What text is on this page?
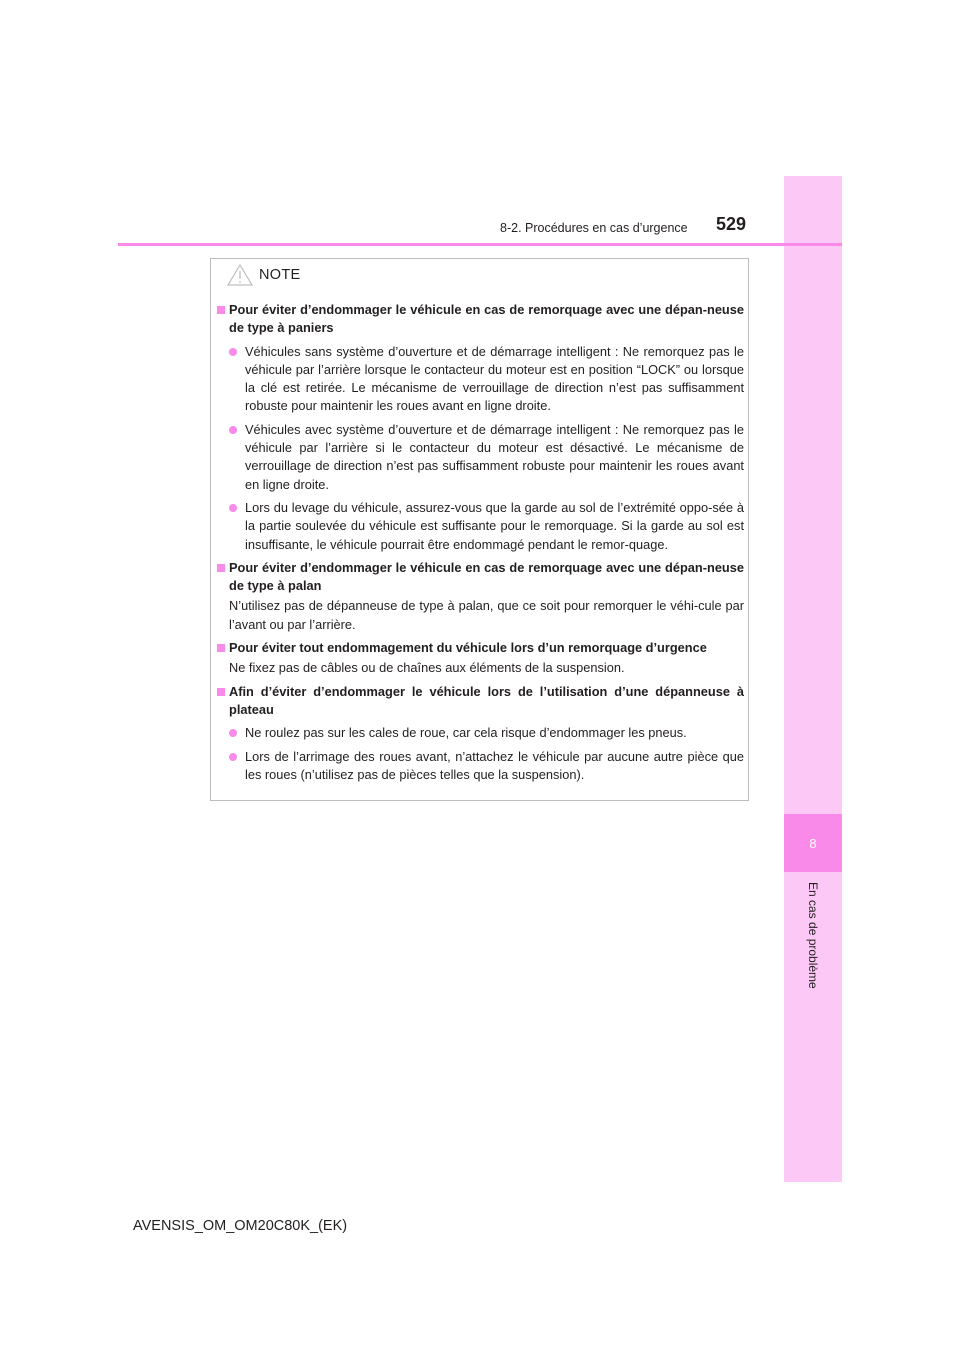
8
En cas de problème
8-2. Procédures en cas d’urgence	529
NOTE
Pour éviter d’endommager le véhicule en cas de remorquage avec une dépan-neuse de type à paniers
Véhicules sans système d’ouverture et de démarrage intelligent : Ne remorquez pas le véhicule par l’arrière lorsque le contacteur du moteur est en position “LOCK” ou lorsque la clé est retirée. Le mécanisme de verrouillage de direction n’est pas suffisamment robuste pour maintenir les roues avant en ligne droite.
Véhicules avec système d’ouverture et de démarrage intelligent : Ne remorquez pas le véhicule par l’arrière si le contacteur du moteur est désactivé. Le mécanisme de verrouillage de direction n’est pas suffisamment robuste pour maintenir les roues avant en ligne droite.
Lors du levage du véhicule, assurez-vous que la garde au sol de l’extrémité oppo-sée à la partie soulevée du véhicule est suffisante pour le remorquage. Si la garde au sol est insuffisante, le véhicule pourrait être endommagé pendant le remor-quage.
Pour éviter d’endommager le véhicule en cas de remorquage avec une dépan-neuse de type à palan
N’utilisez pas de dépanneuse de type à palan, que ce soit pour remorquer le véhi-cule par l’avant ou par l’arrière.
Pour éviter tout endommagement du véhicule lors d’un remorquage d’urgence
Ne fixez pas de câbles ou de chaînes aux éléments de la suspension.
Afin d’éviter d’endommager le véhicule lors de l’utilisation d’une dépanneuse à plateau
Ne roulez pas sur les cales de roue, car cela risque d’endommager les pneus.
Lors de l’arrimage des roues avant, n’attachez le véhicule par aucune autre pièce que les roues (n’utilisez pas de pièces telles que la suspension).
AVENSIS_OM_OM20C80K_(EK)
